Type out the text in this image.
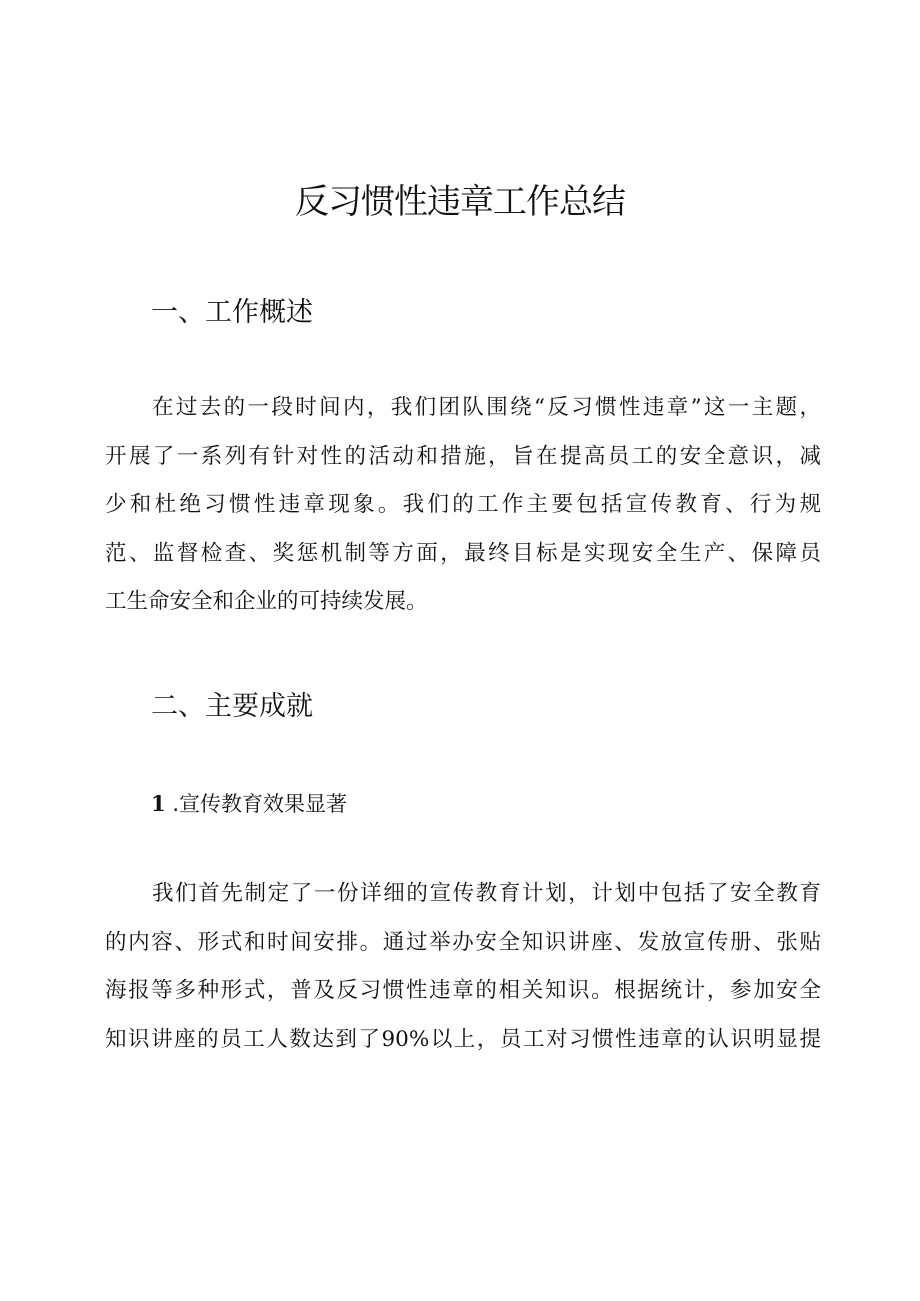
反习惯性违章工作总结
一、工作概述
在过去的一段时间内，我们团队围绕“反习惯性违章”这一主题，
开展了一系列有针对性的活动和措施，旨在提高员工的安全意识，减
少和杜绝习惯性违章现象。我们的工作主要包括宣传教育、行为规
范、监督检查、奖惩机制等方面，最终目标是实现安全生产、保障员
工生命安全和企业的可持续发展。
二、主要成就
1 .宣传教育效果显著
我们首先制定了一份详细的宣传教育计划，计划中包括了安全教育
的内容、形式和时间安排。通过举办安全知识讲座、发放宣传册、张贴
海报等多种形式，普及反习惯性违章的相关知识。根据统计，参加安全
知识讲座的员工人数达到了90%以上，员工对习惯性违章的认识明显提
